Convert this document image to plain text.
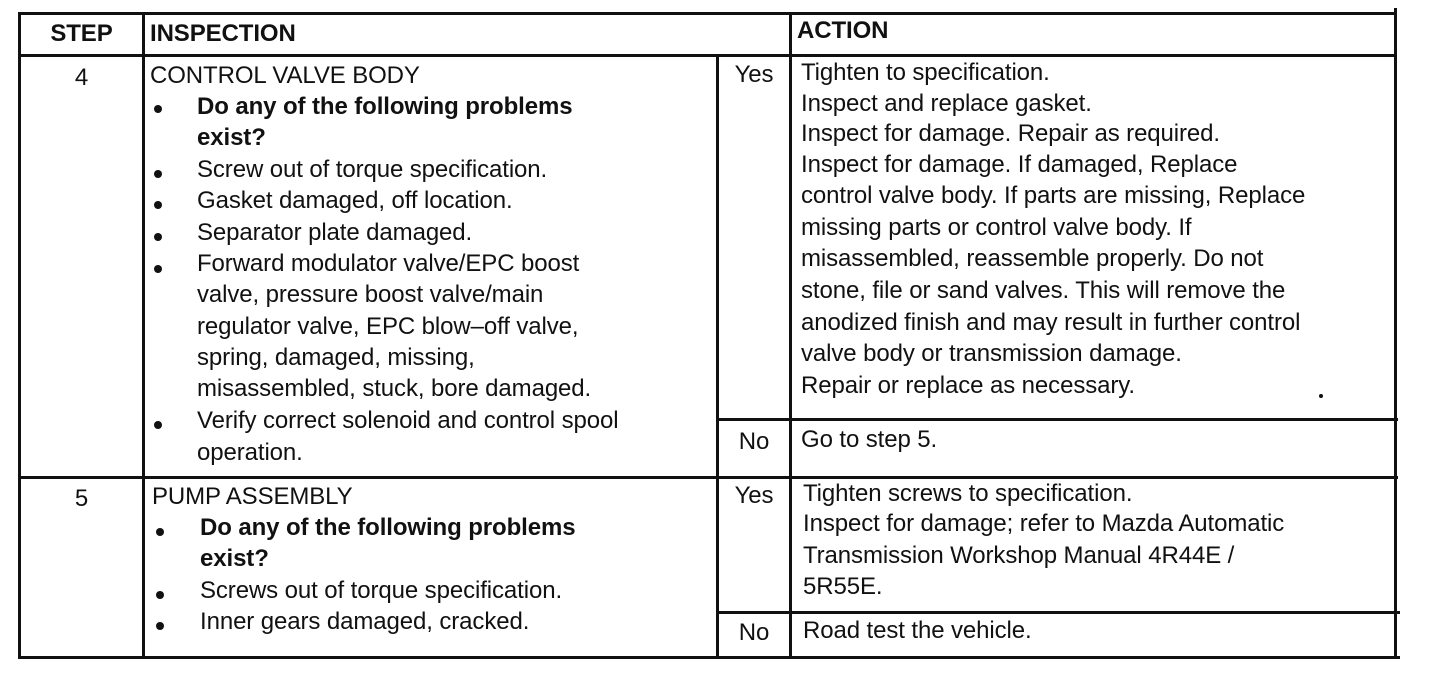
STEP	INSPECTION	ACTION
4	CONTROL VALVE BODY
Do any of the following problems
exist?
Screw out of torque specification.
Gasket damaged, off location.
Separator plate damaged.
Forward modulator valve/EPC boost
valve, pressure boost valve/main
regulator valve, EPC blow–off valve,
spring, damaged, missing,
misassembled, stuck, bore damaged.
Verify correct solenoid and control spool
operation.
Yes	Tighten to specification.
Inspect and replace gasket.
Inspect for damage. Repair as required.
Inspect for damage. If damaged, Replace
control valve body. If parts are missing, Replace
missing parts or control valve body. If
misassembled, reassemble properly. Do not
stone, file or sand valves. This will remove the
anodized finish and may result in further control
valve body or transmission damage.
Repair or replace as necessary.
No	Go to step 5.
5	PUMP ASSEMBLY
Do any of the following problems
exist?
Screws out of torque specification.
Inner gears damaged, cracked.
Yes	Tighten screws to specification.
Inspect for damage; refer to Mazda Automatic
Transmission Workshop Manual 4R44E /
5R55E.
No	Road test the vehicle.
